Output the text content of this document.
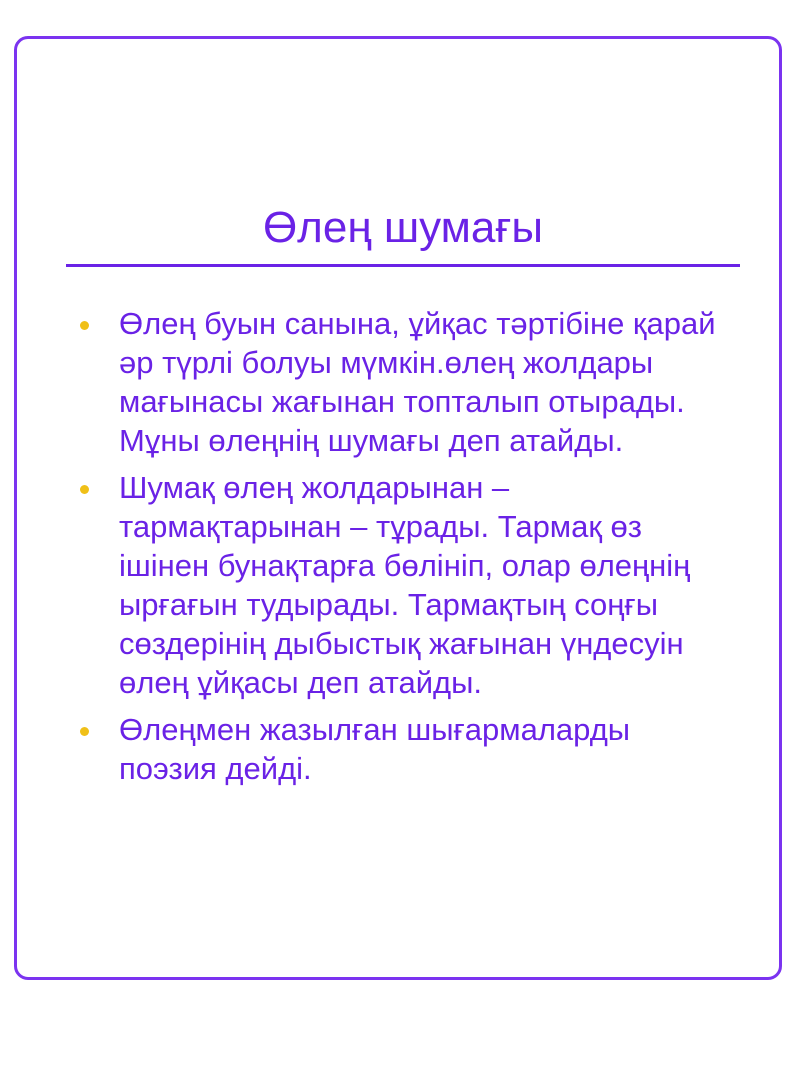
Өлең шумағы
Өлең буын санына, ұйқас тәртібіне қарай әр түрлі болуы мүмкін.өлең жолдары мағынасы жағынан топталып отырады. Мұны өлеңнің шумағы деп атайды.
Шумақ өлең жолдарынан – тармақтарынан – тұрады. Тармақ өз ішінен бунақтарға бөлініп, олар өлеңнің ырғағын тудырады. Тармақтың соңғы сөздерінің дыбыстық жағынан үндесуін өлең ұйқасы деп атайды.
Өлеңмен жазылған шығармаларды поэзия дейді.
